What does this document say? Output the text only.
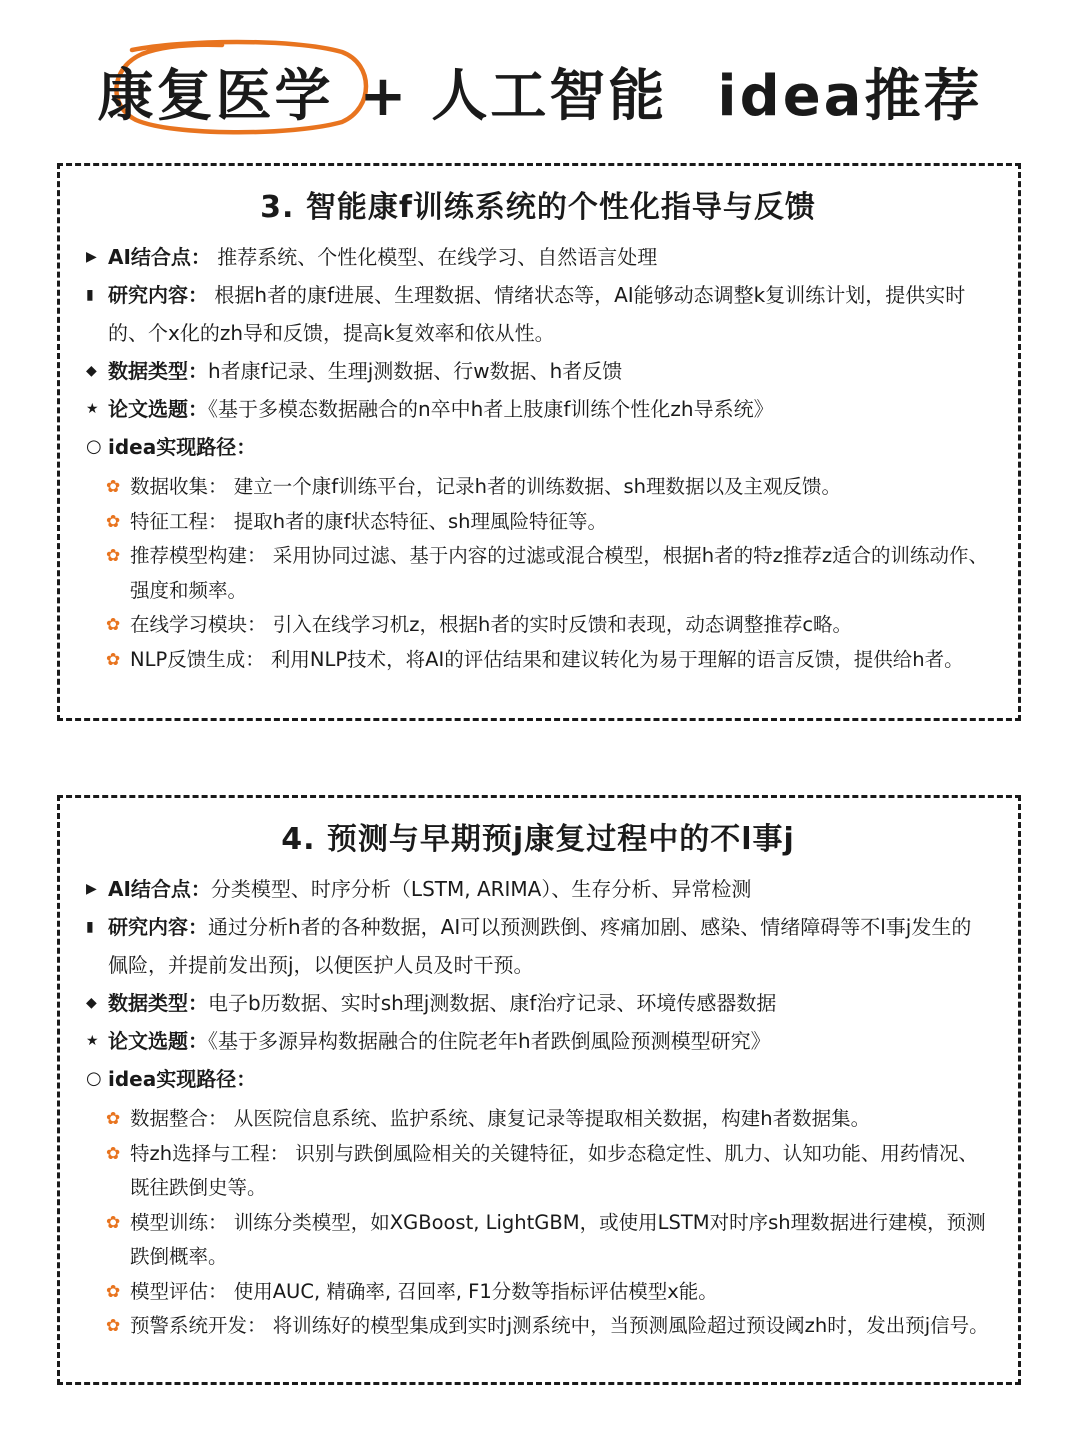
康复医学 + 人工智能 idea推荐
3. 智能康f训练系统的个性化指导与反馈
▶ AI结合点： 推荐系统、个性化模型、在线学习、自然语言处理
▮ 研究内容： 根据h者的康f进展、生理数据、情绪状态等，AI能够动态调整k复训练计划，提供实时的、个x化的zh导和反馈，提高k复效率和依从性。
◆ 数据类型：h者康f记录、生理j测数据、行w数据、h者反馈
★ 论文选题：《基于多模态数据融合的n卒中h者上肢康f训练个性化zh导系统》
○ idea实现路径：
✿ 数据收集： 建立一个康f训练平台，记录h者的训练数据、sh理数据以及主观反馈。
✿ 特征工程： 提取h者的康f状态特征、sh理風险特征等。
✿ 推荐模型构建： 采用协同过滤、基于内容的过滤或混合模型，根据h者的特z推荐z适合的训练动作、强度和频率。
✿ 在线学习模块： 引入在线学习机z，根据h者的实时反馈和表现，动态调整推荐c略。
✿ NLP反馈生成： 利用NLP技术，将AI的评估结果和建议转化为易于理解的语言反馈，提供给h者。
4. 预测与早期预j康复过程中的不l事j
▶ AI结合点：分类模型、时序分析（LSTM, ARIMA）、生存分析、异常检测
▮ 研究内容：通过分析h者的各种数据，AI可以预测跌倒、疼痛加剧、感染、情绪障碍等不l事j发生的佩险，并提前发出预j，以便医护人员及时干预。
◆ 数据类型：电子b历数据、实时sh理j测数据、康f治疗记录、环境传感器数据
★ 论文选题：《基于多源异构数据融合的住院老年h者跌倒風险预测模型研究》
○ idea实现路径：
✿ 数据整合： 从医院信息系统、监护系统、康复记录等提取相关数据，构建h者数据集。
✿ 特zh选择与工程： 识别与跌倒風险相关的关键特征，如步态稳定性、肌力、认知功能、用药情况、既往跌倒史等。
✿ 模型训练： 训练分类模型，如XGBoost, LightGBM，或使用LSTM对时序sh理数据进行建模，预测跌倒概率。
✿ 模型评估： 使用AUC, 精确率, 召回率, F1分数等指标评估模型x能。
✿ 预警系统开发： 将训练好的模型集成到实时j测系统中，当预测風险超过预设阈zh时，发出预j信号。
